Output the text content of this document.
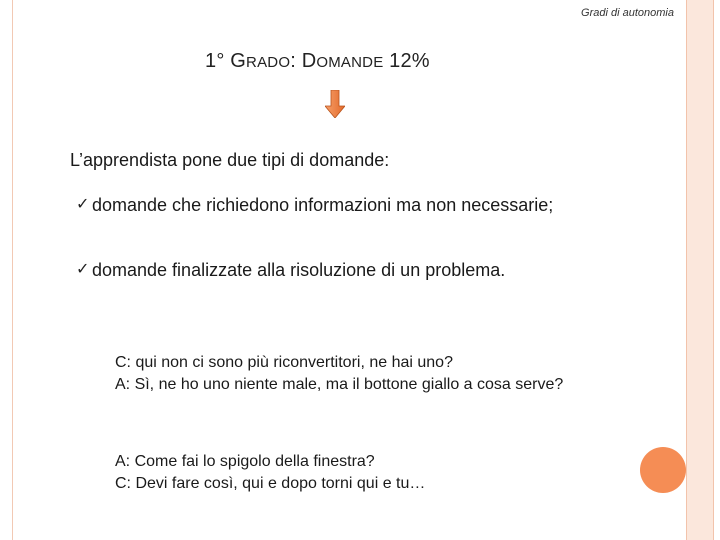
Gradi di autonomia
1° GRADO: DOMANDE 12%
L’apprendista pone due tipi di domande:
✓ domande che richiedono informazioni ma non necessarie;
✓ domande finalizzate alla risoluzione di un problema.
C: qui non ci sono più riconvertitori, ne hai uno?
A: Sì, ne ho uno niente male, ma il bottone giallo a cosa serve?
A: Come fai lo spigolo della finestra?
C: Devi fare così, qui e dopo torni qui e tu…
